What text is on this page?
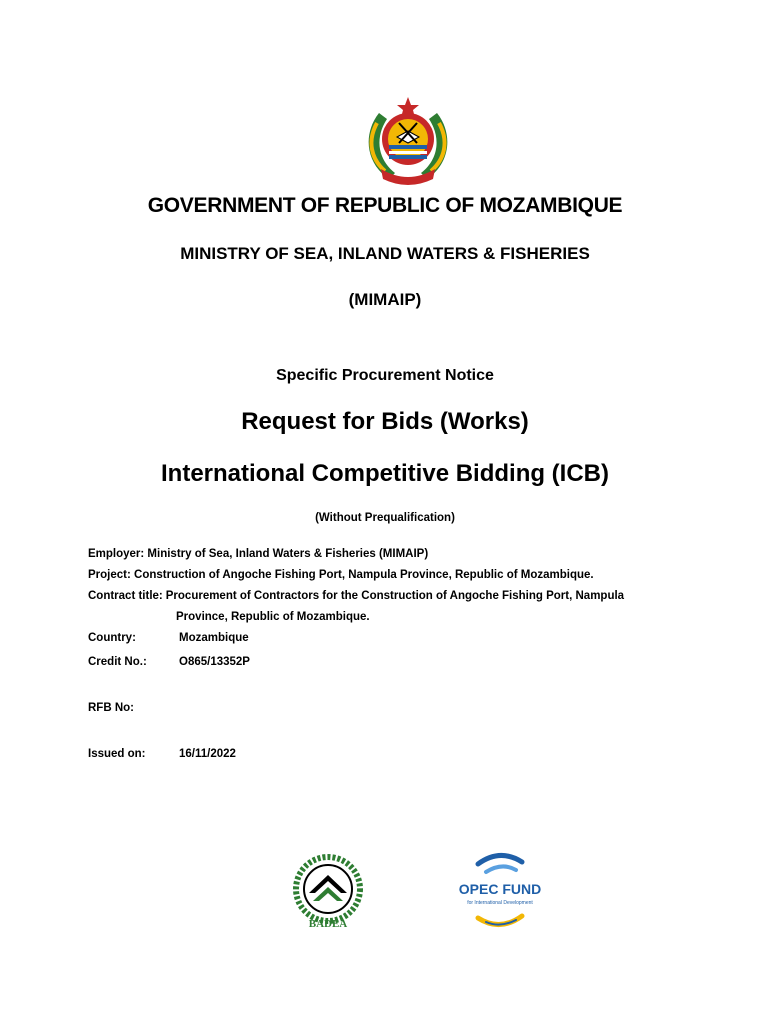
GOVERNMENT OF REPUBLIC OF MOZAMBIQUE
MINISTRY OF SEA, INLAND WATERS & FISHERIES
(MIMAIP)
Specific Procurement Notice
Request for Bids (Works)
International Competitive Bidding (ICB)
(Without Prequalification)
Employer: Ministry of Sea, Inland Waters & Fisheries (MIMAIP)
Project: Construction of Angoche Fishing Port, Nampula Province, Republic of Mozambique.
Contract title: Procurement of Contractors for the Construction of Angoche Fishing Port, Nampula
Province, Republic of Mozambique.
Country:	Mozambique
Credit No.:	O865/13352P
RFB No:
Issued on:	16/11/2022
BADEA
OPEC FUND
for International Development
